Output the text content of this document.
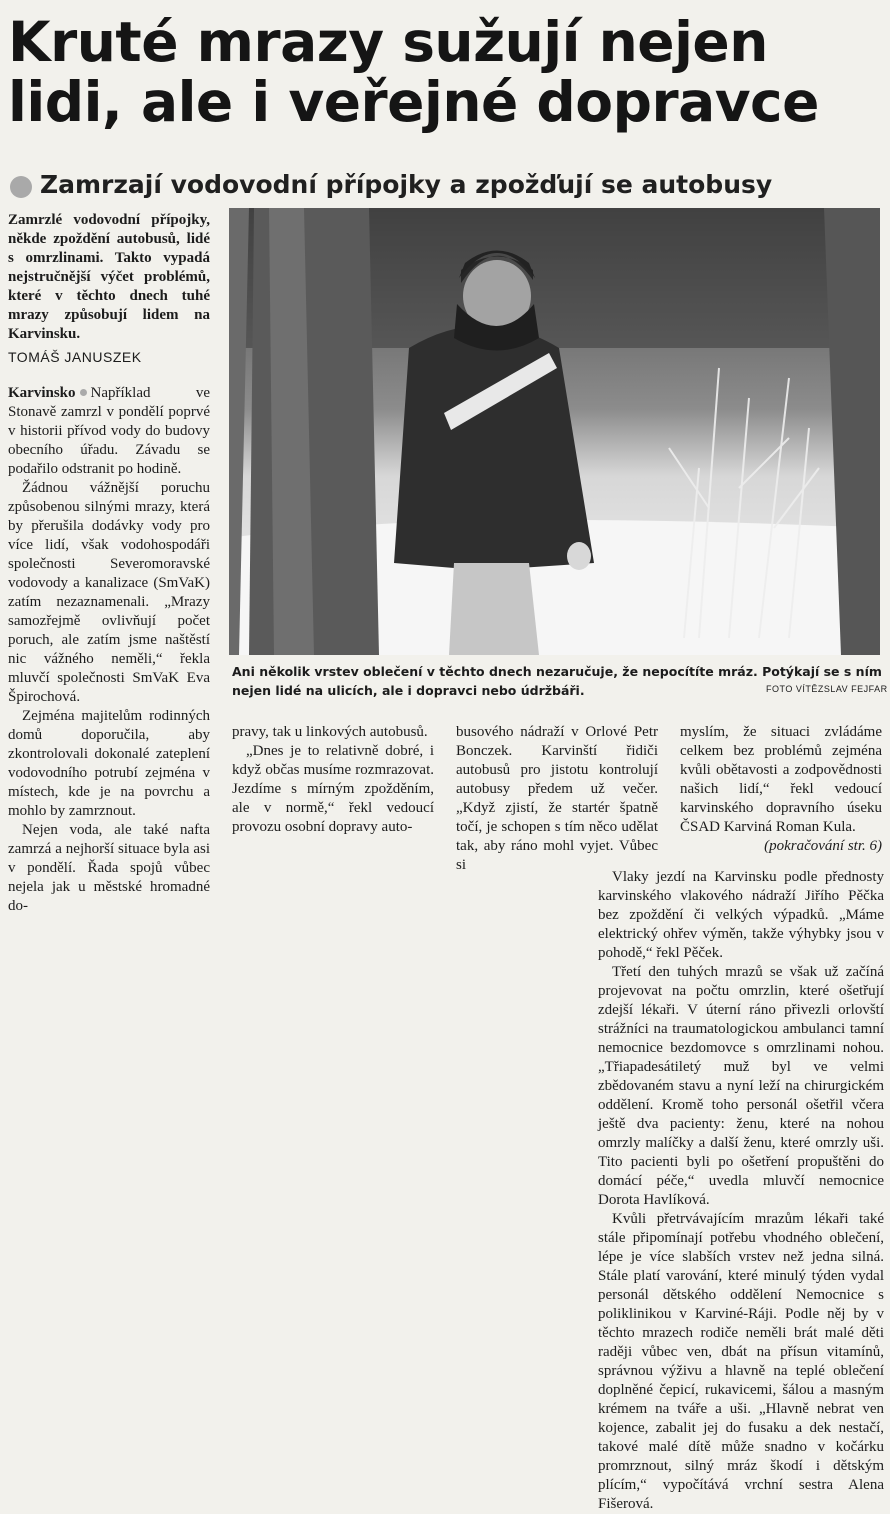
Kruté mrazy sužují nejen
lidi, ale i veřejné dopravce
Zamrzají vodovodní přípojky a zpožďují se autobusy
Zamrzlé vodovodní přípojky, někde zpoždění autobusů, lidé s omrzlinami. Takto vypadá nejstručnější výčet problémů, které v těchto dnech tuhé mrazy způsobují lidem na Karvinsku.
TOMÁŠ JANUSZEK

Karvinsko Například ve Stonavě zamrzl v pondělí poprvé v historii přívod vody do budovy obecního úřadu. Závadu se podařilo odstranit po hodině.

Žádnou vážnější poruchu způsobenou silnými mrazy, která by přerušila dodávky vody pro více lidí, však vodohospodáři společnosti Severomoravské vodovody a kanalizace (SmVaK) zatím nezaznamenali. „Mrazy samozřejmě ovlivňují počet poruch, ale zatím jsme naštěstí nic vážného neměli,“ řekla mluvčí společnosti SmVaK Eva Špirochová.

Zejména majitelům rodinných domů doporučila, aby zkontrolovali dokonalé zateplení vodovodního potrubí zejména v místech, kde je na povrchu a mohlo by zamrznout.

Nejen voda, ale také nafta zamrzá a nejhorší situace byla asi v pondělí. Řada spojů vůbec nejela jak u městské hromadné do-

Ani několik vrstev oblečení v těchto dnech nezaručuje, že nepocítíte mráz. Potýkají se s ním nejen lidé na ulicích, ale i dopravci nebo údržbáři.	FOTO VÍTĚZSLAV FEJFAR

pravy, tak u linkových autobusů.

„Dnes je to relativně dobré, i když občas musíme rozmrazovat. Jezdíme s mírným zpožděním, ale v normě,“ řekl vedoucí provozu osobní dopravy auto-

busového nádraží v Orlové Petr Bonczek. Karvinští řidiči autobusů pro jistotu kontrolují autobusy předem už večer. „Když zjistí, že startér špatně točí, je schopen s tím něco udělat tak, aby ráno mohl vyjet. Vůbec si

myslím, že situaci zvládáme celkem bez problémů zejména kvůli obětavosti a zodpovědnosti našich lidí,“ řekl vedoucí karvinského dopravního úseku ČSAD Karviná Roman Kula.

(pokračování str. 6)

Vlaky jezdí na Karvinsku podle přednosty karvinského vlakového nádraží Jiřího Pěčka bez zpoždění či velkých výpadků. „Máme elektrický ohřev výměn, takže výhybky jsou v pohodě,“ řekl Pěček.

Třetí den tuhých mrazů se však už začíná projevovat na počtu omrzlin, které ošetřují zdejší lékaři. V úterní ráno přivezli orlovští strážníci na traumatologickou ambulanci tamní nemocnice bezdomovce s omrzlinami nohou. „Třiapadesátiletý muž byl ve velmi zbědovaném stavu a nyní leží na chirurgickém oddělení. Kromě toho personál ošetřil včera ještě dva pacienty: ženu, které na nohou omrzly malíčky a další ženu, které omrzly uši. Tito pacienti byli po ošetření propuštěni do domácí péče,“ uvedla mluvčí nemocnice Dorota Havlíková.

Kvůli přetrvávajícím mrazům lékaři také stále připomínají potřebu vhodného oblečení, lépe je více slabších vrstev než jedna silná. Stále platí varování, které minulý týden vydal personál dětského oddělení Nemocnice s poliklinikou v Karviné-Ráji. Podle něj by v těchto mrazech rodiče neměli brát malé děti raději vůbec ven, dbát na přísun vitamínů, správnou výživu a hlavně na teplé oblečení doplněné čepicí, rukavicemi, šálou a masným krémem na tváře a uši. „Hlavně nebrat ven kojence, zabalit jej do fusaku a dek nestačí, takové malé dítě může snadno v kočárku promrznout, silný mráz škodí i dětským plícím,“ vypočítává vrchní sestra Alena Fišerová.
